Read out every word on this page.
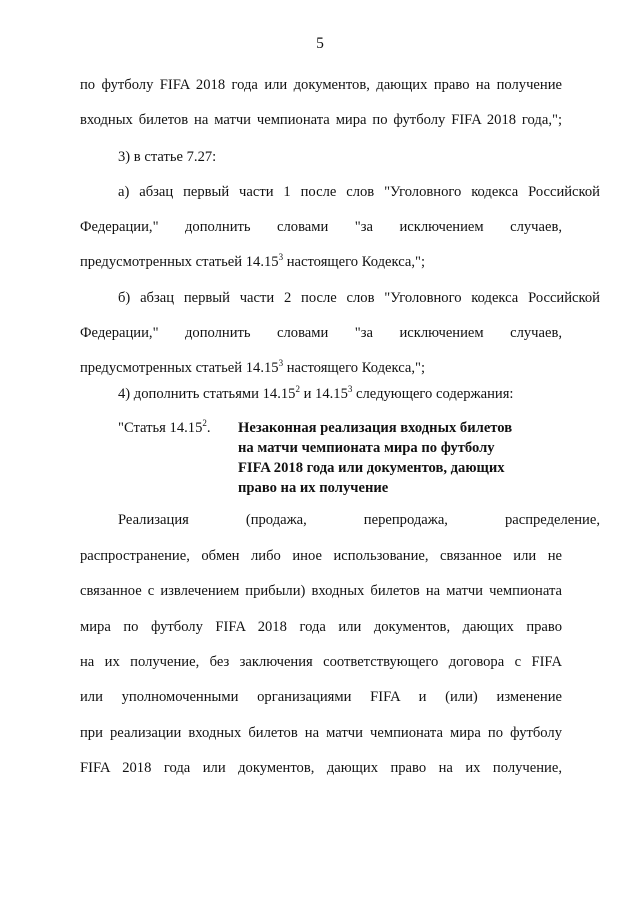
5
по футболу FIFA 2018 года или документов, дающих право на получение
входных билетов на матчи чемпионата мира по футболу FIFA 2018 года,";
3) в статье 7.27:
а) абзац первый части 1 после слов "Уголовного кодекса Российской
Федерации," дополнить словами "за исключением случаев,
предусмотренных статьей 14.15$^3$ настоящего Кодекса,";
б) абзац первый части 2 после слов "Уголовного кодекса Российской
Федерации," дополнить словами "за исключением случаев,
предусмотренных статьей 14.15$^3$ настоящего Кодекса,";
4) дополнить статьями 14.15$^2$ и 14.15$^3$ следующего содержания:
"Статья 14.15$^2$. Незаконная реализация входных билетов
на матчи чемпионата мира по футболу
FIFA 2018 года или документов, дающих
право на их получение
Реализация (продажа, перепродажа, распределение,
распространение, обмен либо иное использование, связанное или не
связанное с извлечением прибыли) входных билетов на матчи чемпионата
мира по футболу FIFA 2018 года или документов, дающих право
на их получение, без заключения соответствующего договора с FIFA
или уполномоченными организациями FIFA и (или) изменение
при реализации входных билетов на матчи чемпионата мира по футболу
FIFA 2018 года или документов, дающих право на их получение,
